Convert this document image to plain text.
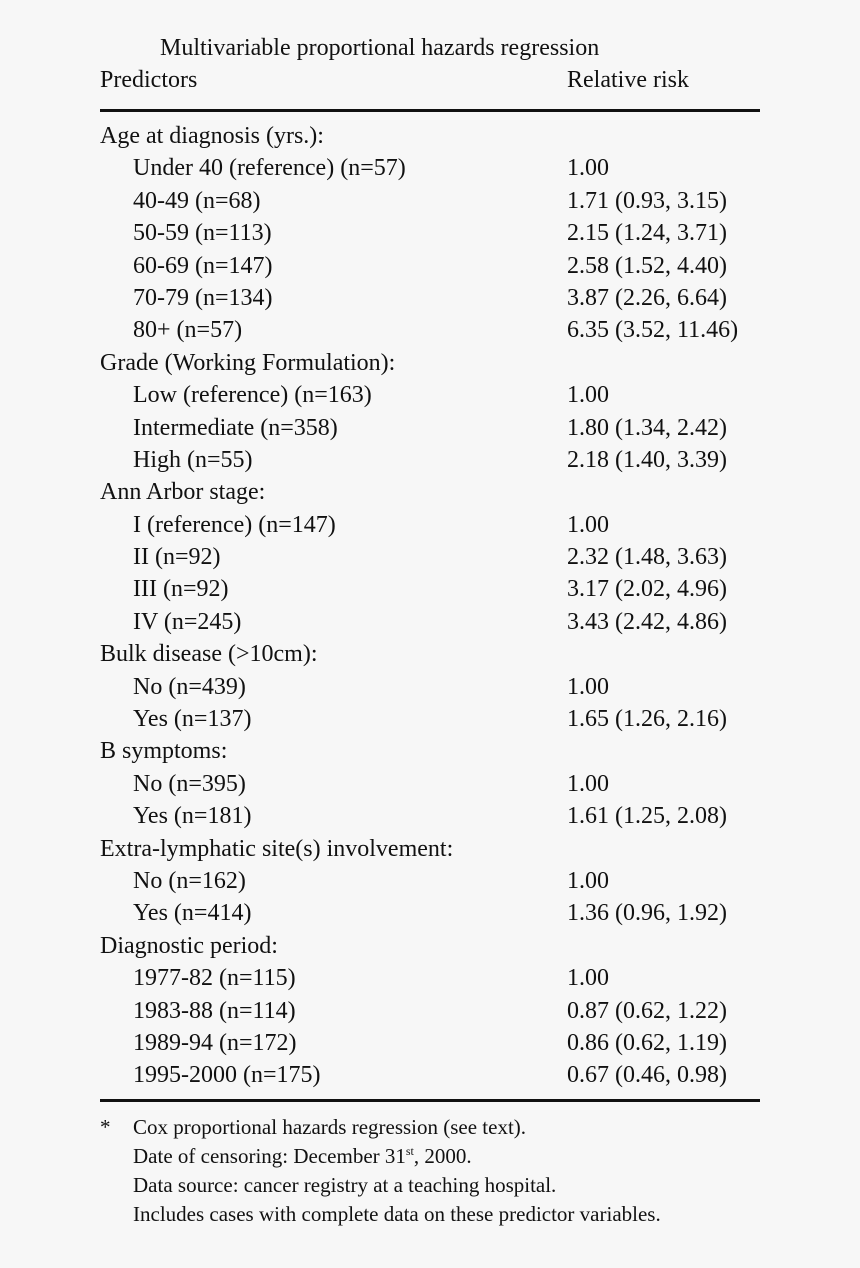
Multivariable proportional hazards regression
Predictors	Relative risk
Age at diagnosis (yrs.):
Under 40 (reference) (n=57)	1.00
40-49 (n=68)	1.71 (0.93, 3.15)
50-59 (n=113)	2.15 (1.24, 3.71)
60-69 (n=147)	2.58 (1.52, 4.40)
70-79 (n=134)	3.87 (2.26, 6.64)
80+ (n=57)	6.35 (3.52, 11.46)
Grade (Working Formulation):
Low (reference) (n=163)	1.00
Intermediate (n=358)	1.80 (1.34, 2.42)
High (n=55)	2.18 (1.40, 3.39)
Ann Arbor stage:
I (reference) (n=147)	1.00
II (n=92)	2.32 (1.48, 3.63)
III (n=92)	3.17 (2.02, 4.96)
IV (n=245)	3.43 (2.42, 4.86)
Bulk disease (>10cm):
No (n=439)	1.00
Yes (n=137)	1.65 (1.26, 2.16)
B symptoms:
No (n=395)	1.00
Yes (n=181)	1.61 (1.25, 2.08)
Extra-lymphatic site(s) involvement:
No (n=162)	1.00
Yes (n=414)	1.36 (0.96, 1.92)
Diagnostic period:
1977-82 (n=115)	1.00
1983-88 (n=114)	0.87 (0.62, 1.22)
1989-94 (n=172)	0.86 (0.62, 1.19)
1995-2000 (n=175)	0.67 (0.46, 0.98)
* Cox proportional hazards regression (see text).
Date of censoring: December 31st, 2000.
Data source: cancer registry at a teaching hospital.
Includes cases with complete data on these predictor variables.
